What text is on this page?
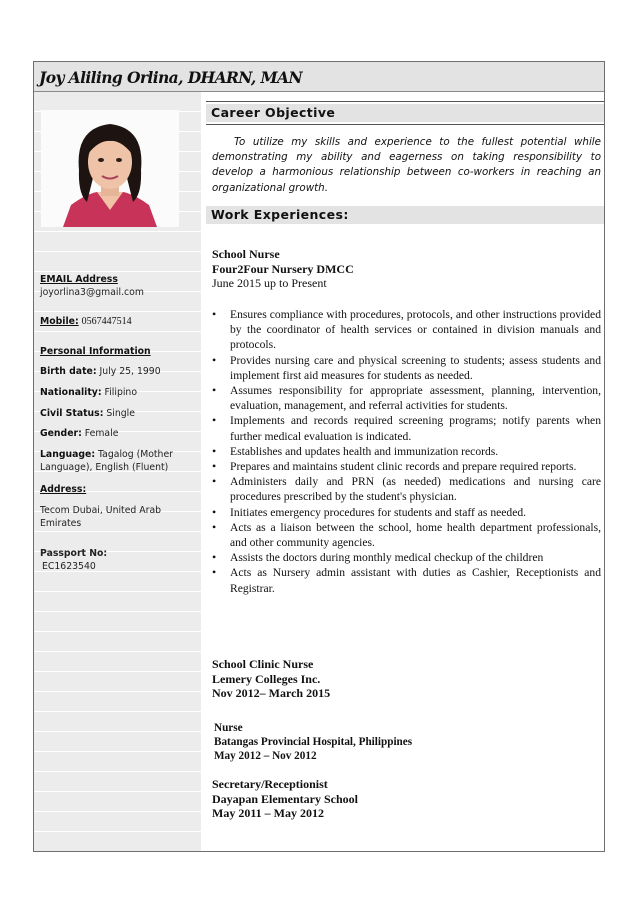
Joy Aliling Orlina, DHARN, MAN
EMAIL Address
joyorlina3@gmail.com
Mobile: 0567447514
Personal Information
Birth date: July 25, 1990
Nationality: Filipino
Civil Status: Single
Gender: Female
Language: Tagalog (Mother Language), English (Fluent)
Address:
Tecom Dubai, United Arab Emirates
Passport No:
EC1623540
Career Objective
To utilize my skills and experience to the fullest potential while demonstrating my ability and eagerness on taking responsibility to develop a harmonious relationship between co-workers in reaching an organizational growth.
Work Experiences:
School Nurse
Four2Four Nursery DMCC
June 2015 up to Present
• Ensures compliance with procedures, protocols, and other instructions provided by the coordinator of health services or contained in division manuals and protocols.
• Provides nursing care and physical screening to students; assess students and implement first aid measures for students as needed.
• Assumes responsibility for appropriate assessment, planning, intervention, evaluation, management, and referral activities for students.
• Implements and records required screening programs; notify parents when further medical evaluation is indicated.
• Establishes and updates health and immunization records.
• Prepares and maintains student clinic records and prepare required reports.
• Administers daily and PRN (as needed) medications and nursing care procedures prescribed by the student's physician.
• Initiates emergency procedures for students and staff as needed.
• Acts as a liaison between the school, home health department professionals, and other community agencies.
• Assists the doctors during monthly medical checkup of the children
• Acts as Nursery admin assistant with duties as Cashier, Receptionists and Registrar.
School Clinic Nurse
Lemery Colleges Inc.
Nov 2012– March 2015
Nurse
Batangas Provincial Hospital, Philippines
May 2012 – Nov 2012
Secretary/Receptionist
Dayapan Elementary School
May 2011 – May 2012
